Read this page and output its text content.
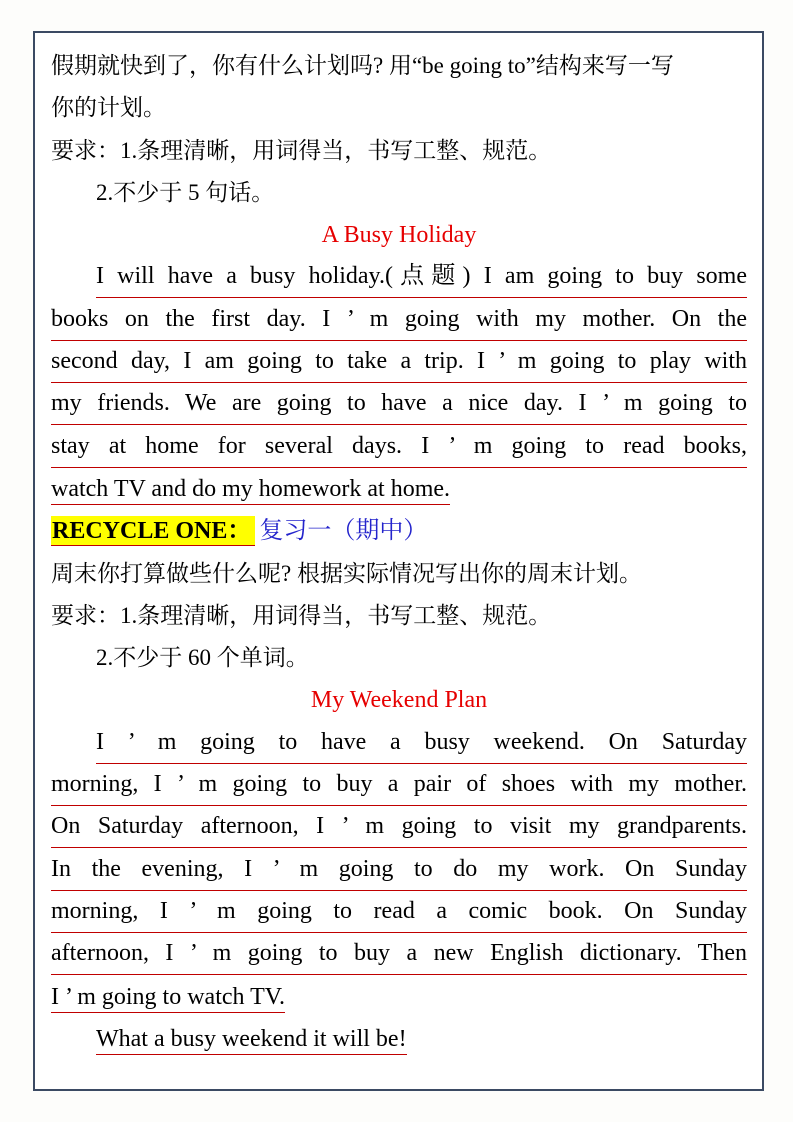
假期就快到了，你有什么计划吗? 用“be going to”结构来写一写
你的计划。
要求：1.条理清晰，用词得当，书写工整、规范。
2.不少于 5 句话。
A Busy Holiday
I will have a busy holiday.(点题) I am going to buy some
books on the first day. I ’ m going with my mother. On the
second day, I am going to take a trip. I ’ m going to play with
my friends. We are going to have a nice day. I ’ m going to
stay at home for several days. I ’ m going to read books,
watch TV and do my homework at home.
RECYCLE ONE： 复习一（期中）
周末你打算做些什么呢? 根据实际情况写出你的周末计划。
要求：1.条理清晰，用词得当，书写工整、规范。
2.不少于 60 个单词。
My Weekend Plan
I ’ m going to have a busy weekend. On Saturday
morning, I ’ m going to buy a pair of shoes with my mother.
On Saturday afternoon, I ’ m going to visit my grandparents.
In the evening, I ’ m going to do my work. On Sunday
morning, I ’ m going to read a comic book. On Sunday
afternoon, I ’ m going to buy a new English dictionary. Then
I ’ m going to watch TV.
What a busy weekend it will be!
